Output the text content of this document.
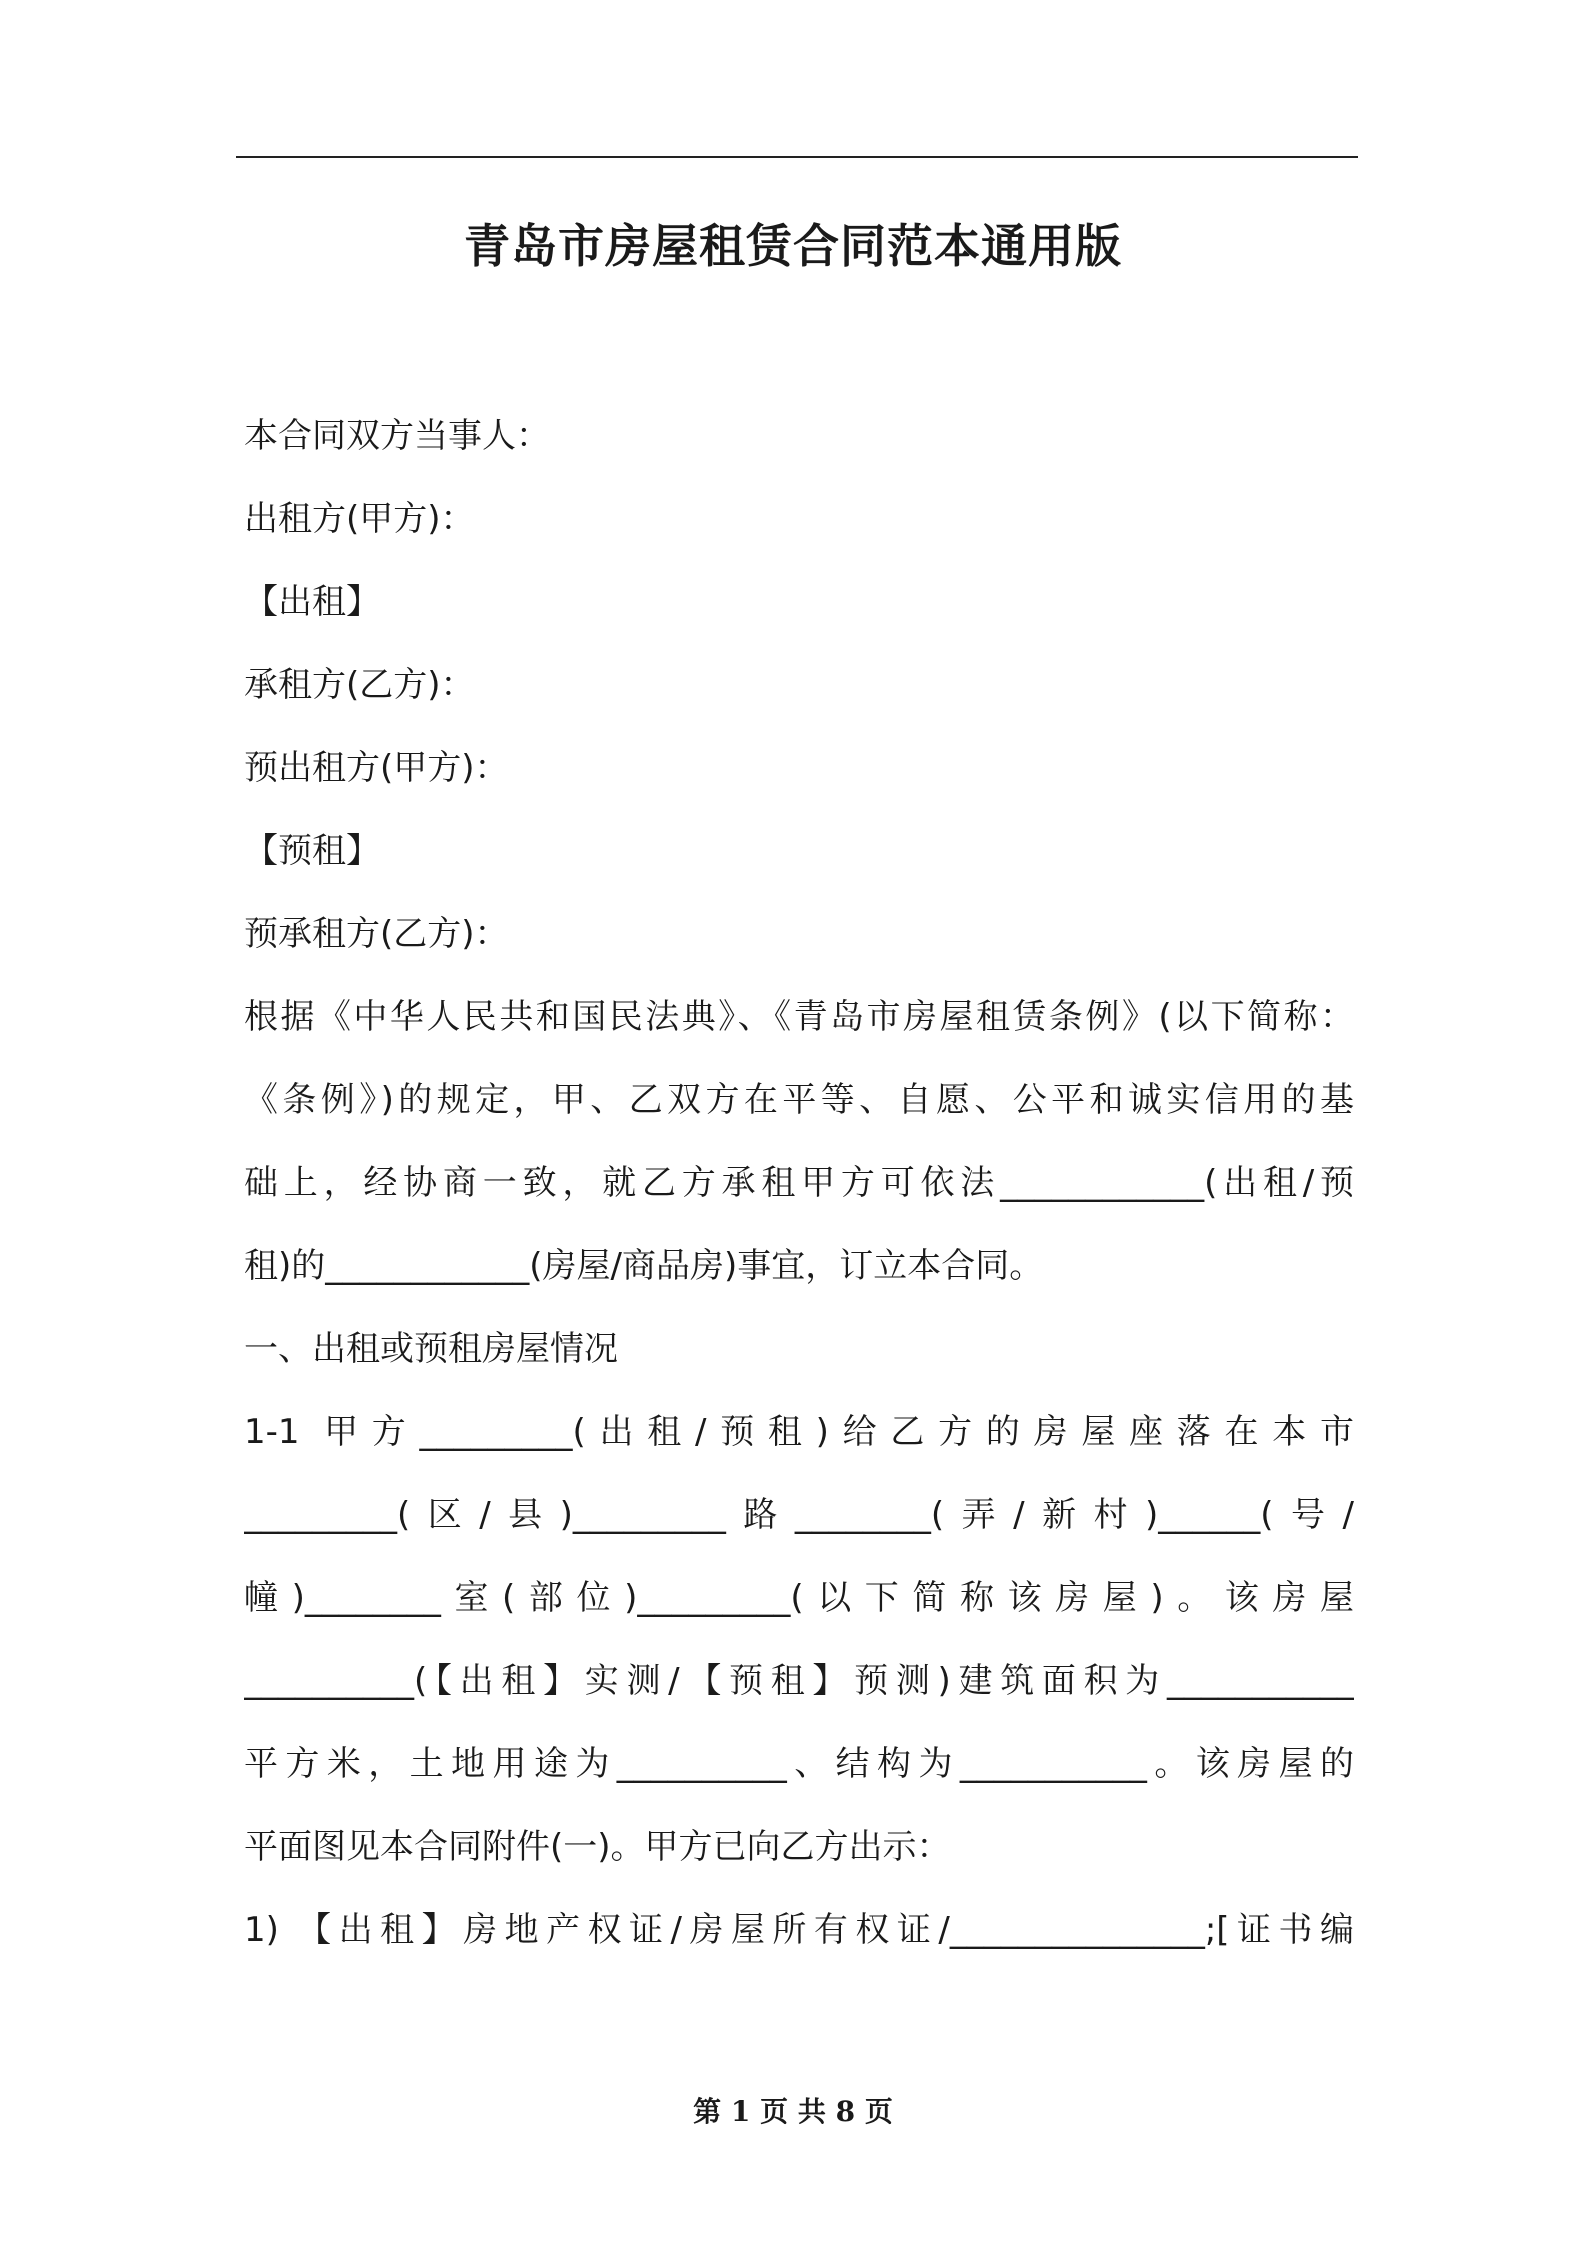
青岛市房屋租赁合同范本通用版
本合同双方当事人：
出租方(甲方)：
【出租】
承租方(乙方)：
预出租方(甲方)：
【预租】
预承租方(乙方)：
根据《中华人民共和国民法典》、《青岛市房屋租赁条例》(以下简称：
《条例》)的规定，甲、乙双方在平等、自愿、公平和诚实信用的基
础上，经协商一致，就乙方承租甲方可依法____________(出租/预
租)的____________(房屋/商品房)事宜，订立本合同。
一、出租或预租房屋情况
1-1 甲方_________(出租/预租)给乙方的房屋座落在本市
_________(区/县)_________路________(弄/新村)______(号/
幢)________室(部位)_________(以下简称该房屋)。该房屋
__________(【出租】实测/【预租】预测)建筑面积为___________
平方米，土地用途为__________、结构为___________。该房屋的
平面图见本合同附件(一)。甲方已向乙方出示：
1) 【出租】房地产权证/房屋所有权证/_______________;[证书编
第 1 页 共 8 页
